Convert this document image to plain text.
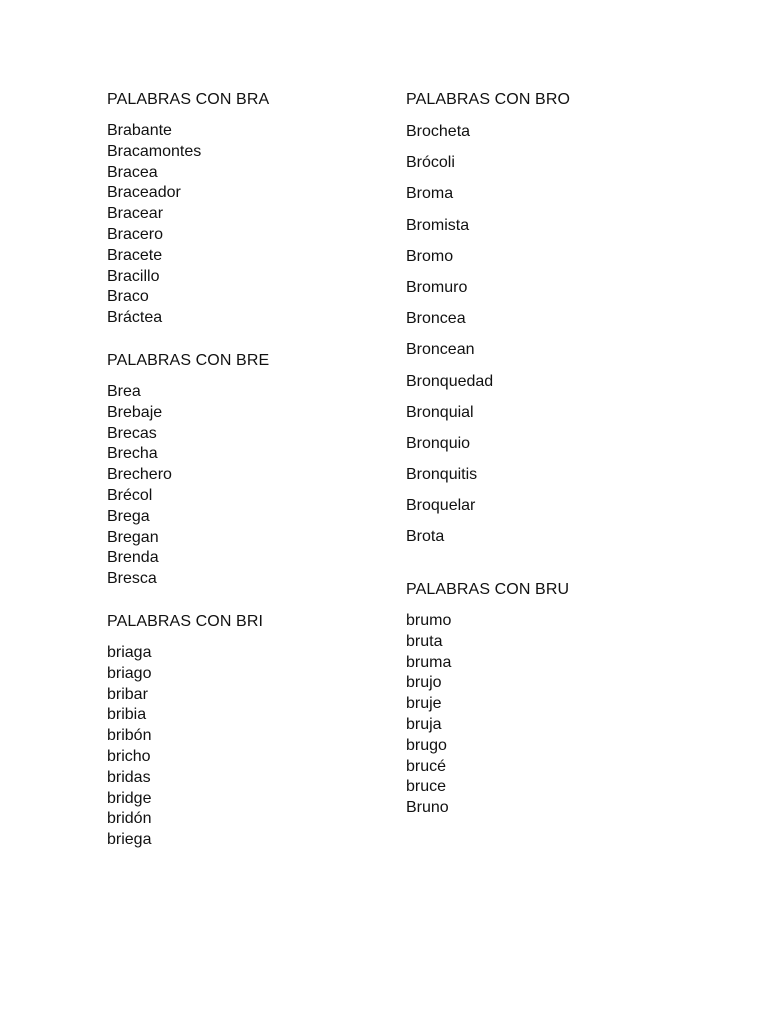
PALABRAS CON BRA
Brabante
Bracamontes
Bracea
Braceador
Bracear
Bracero
Bracete
Bracillo
Braco
Bráctea
PALABRAS CON BRE
Brea
Brebaje
Brecas
Brecha
Brechero
Brécol
Brega
Bregan
Brenda
Bresca
PALABRAS CON BRI
briaga
briago
bribar
bribia
bribón
bricho
bridas
bridge
bridón
briega
PALABRAS CON BRO
Brocheta
Brócoli
Broma
Bromista
Bromo
Bromuro
Broncea
Broncean
Bronquedad
Bronquial
Bronquio
Bronquitis
Broquelar
Brota
PALABRAS CON BRU
brumo
bruta
bruma
brujo
bruje
bruja
brugo
brucé
bruce
Bruno
